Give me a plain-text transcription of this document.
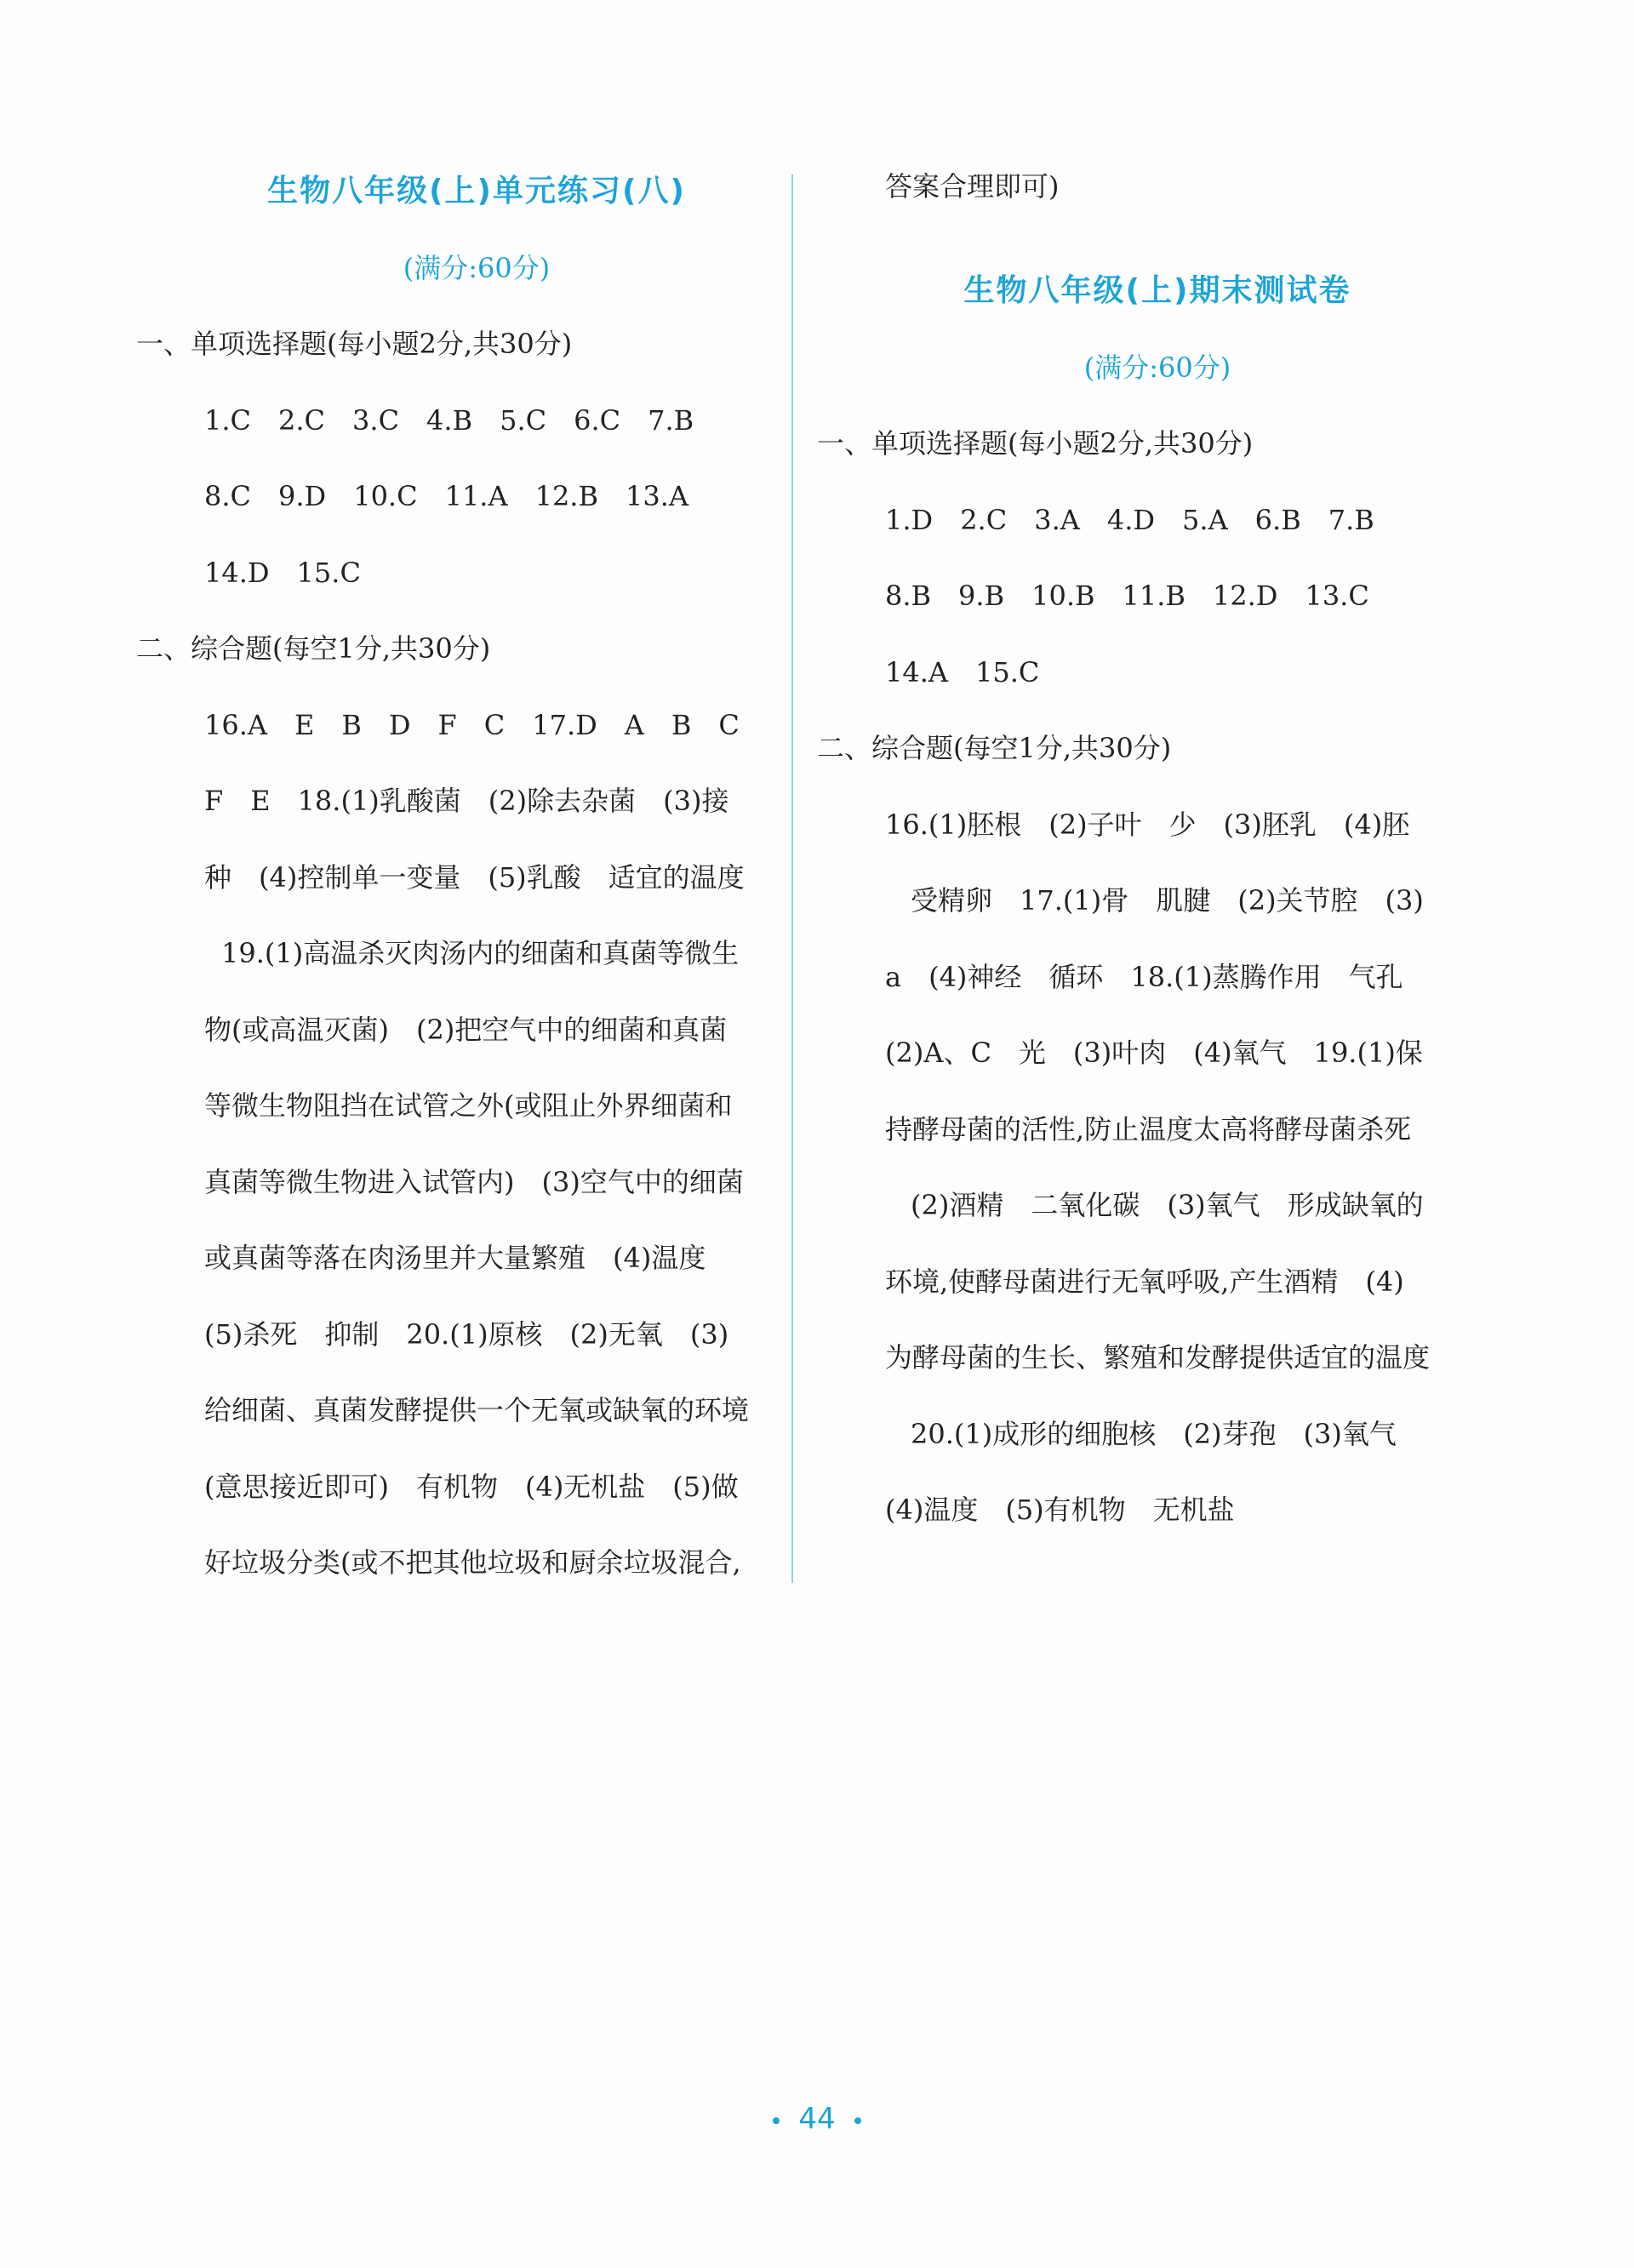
生物八年级(上)单元练习(八)
(满分:60分)
一、单项选择题(每小题2分,共30分)
1.C　2.C　3.C　4.B　5.C　6.C　7.B
8.C　9.D　10.C　11.A　12.B　13.A
14.D　15.C
二、综合题(每空1分,共30分)
16.A　E　B　D　F　C　17.D　A　B　C
F　E　18.(1)乳酸菌　(2)除去杂菌　(3)接
种　(4)控制单一变量　(5)乳酸　适宜的温度
19.(1)高温杀灭肉汤内的细菌和真菌等微生
物(或高温灭菌)　(2)把空气中的细菌和真菌
等微生物阻挡在试管之外(或阻止外界细菌和
真菌等微生物进入试管内)　(3)空气中的细菌
或真菌等落在肉汤里并大量繁殖　(4)温度
(5)杀死　抑制　20.(1)原核　(2)无氧　(3)
给细菌、真菌发酵提供一个无氧或缺氧的环境
(意思接近即可)　有机物　(4)无机盐　(5)做
好垃圾分类(或不把其他垃圾和厨余垃圾混合,
答案合理即可)
生物八年级(上)期末测试卷
(满分:60分)
一、单项选择题(每小题2分,共30分)
1.D　2.C　3.A　4.D　5.A　6.B　7.B
8.B　9.B　10.B　11.B　12.D　13.C
14.A　15.C
二、综合题(每空1分,共30分)
16.(1)胚根　(2)子叶　少　(3)胚乳　(4)胚
受精卵　17.(1)骨　肌腱　(2)关节腔　(3)
a　(4)神经　循环　18.(1)蒸腾作用　气孔
(2)A、C　光　(3)叶肉　(4)氧气　19.(1)保
持酵母菌的活性,防止温度太高将酵母菌杀死
(2)酒精　二氧化碳　(3)氧气　形成缺氧的
环境,使酵母菌进行无氧呼吸,产生酒精　(4)
为酵母菌的生长、繁殖和发酵提供适宜的温度
20.(1)成形的细胞核　(2)芽孢　(3)氧气
(4)温度　(5)有机物　无机盐
44
